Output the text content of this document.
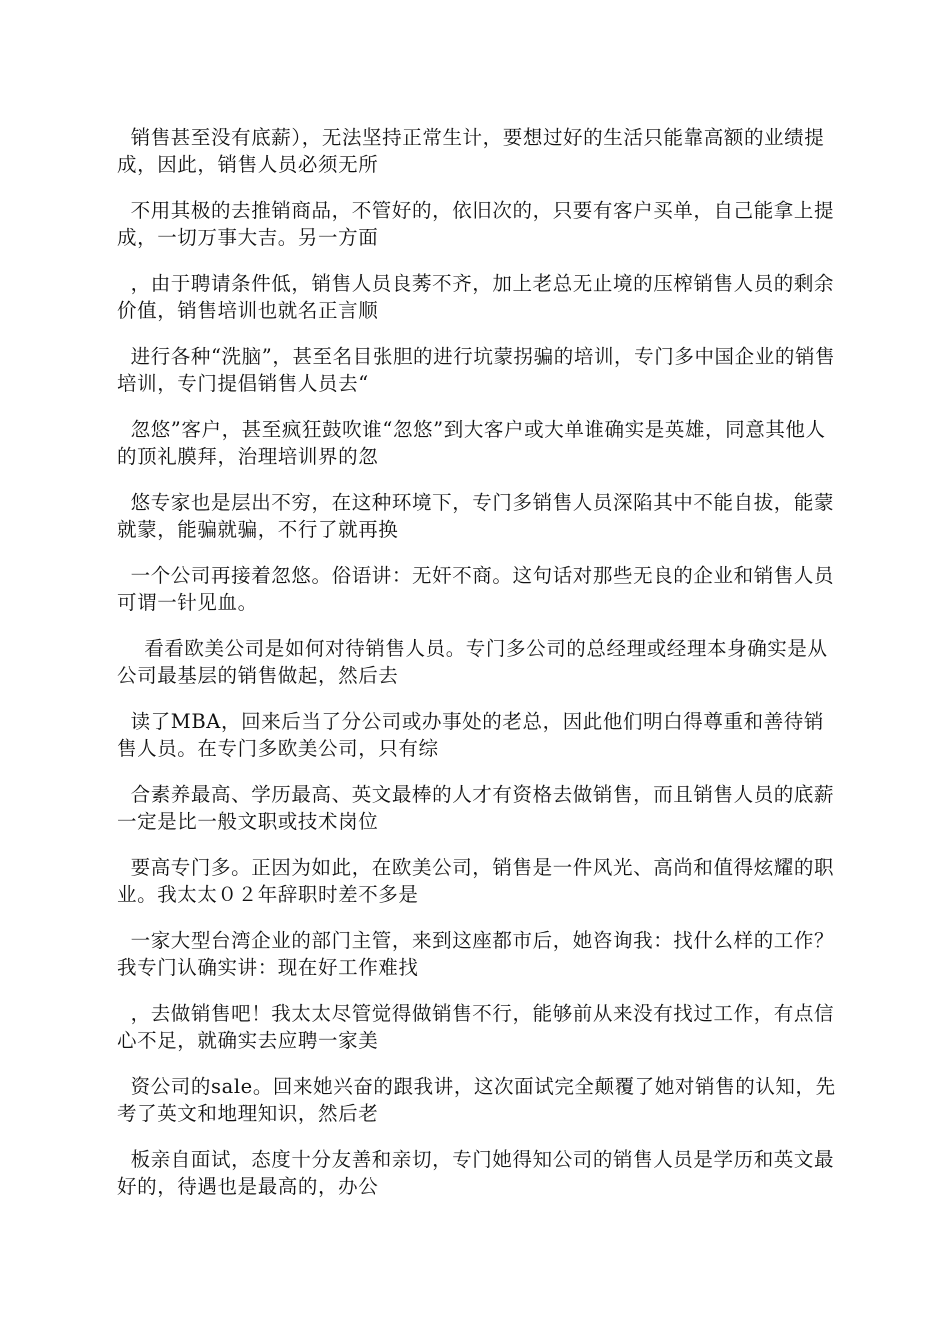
销售甚至没有底薪），无法坚持正常生计，要想过好的生活只能靠高额的业绩提成，因此，销售人员必须无所

不用其极的去推销商品，不管好的，依旧次的，只要有客户买单，自己能拿上提成，一切万事大吉。另一方面

，由于聘请条件低，销售人员良莠不齐，加上老总无止境的压榨销售人员的剩余价值，销售培训也就名正言顺

进行各种“洗脑”，甚至名目张胆的进行坑蒙拐骗的培训，专门多中国企业的销售培训，专门提倡销售人员去“

忽悠”客户，甚至疯狂鼓吹谁“忽悠”到大客户或大单谁确实是英雄，同意其他人的顶礼膜拜，治理培训界的忽

悠专家也是层出不穷，在这种环境下，专门多销售人员深陷其中不能自拔，能蒙就蒙，能骗就骗，不行了就再换

一个公司再接着忽悠。俗语讲：无奸不商。这句话对那些无良的企业和销售人员可谓一针见血。

看看欧美公司是如何对待销售人员。专门多公司的总经理或经理本身确实是从公司最基层的销售做起，然后去

读了MBA，回来后当了分公司或办事处的老总，因此他们明白得尊重和善待销售人员。在专门多欧美公司，只有综

合素养最高、学历最高、英文最棒的人才有资格去做销售，而且销售人员的底薪一定是比一般文职或技术岗位

要高专门多。正因为如此，在欧美公司，销售是一件风光、高尚和值得炫耀的职业。我太太０２年辞职时差不多是

一家大型台湾企业的部门主管，来到这座都市后，她咨询我：找什么样的工作？我专门认确实讲：现在好工作难找

，去做销售吧！我太太尽管觉得做销售不行，能够前从来没有找过工作，有点信心不足，就确实去应聘一家美

资公司的sale。回来她兴奋的跟我讲，这次面试完全颠覆了她对销售的认知，先考了英文和地理知识，然后老

板亲自面试，态度十分友善和亲切，专门她得知公司的销售人员是学历和英文最好的，待遇也是最高的，办公
